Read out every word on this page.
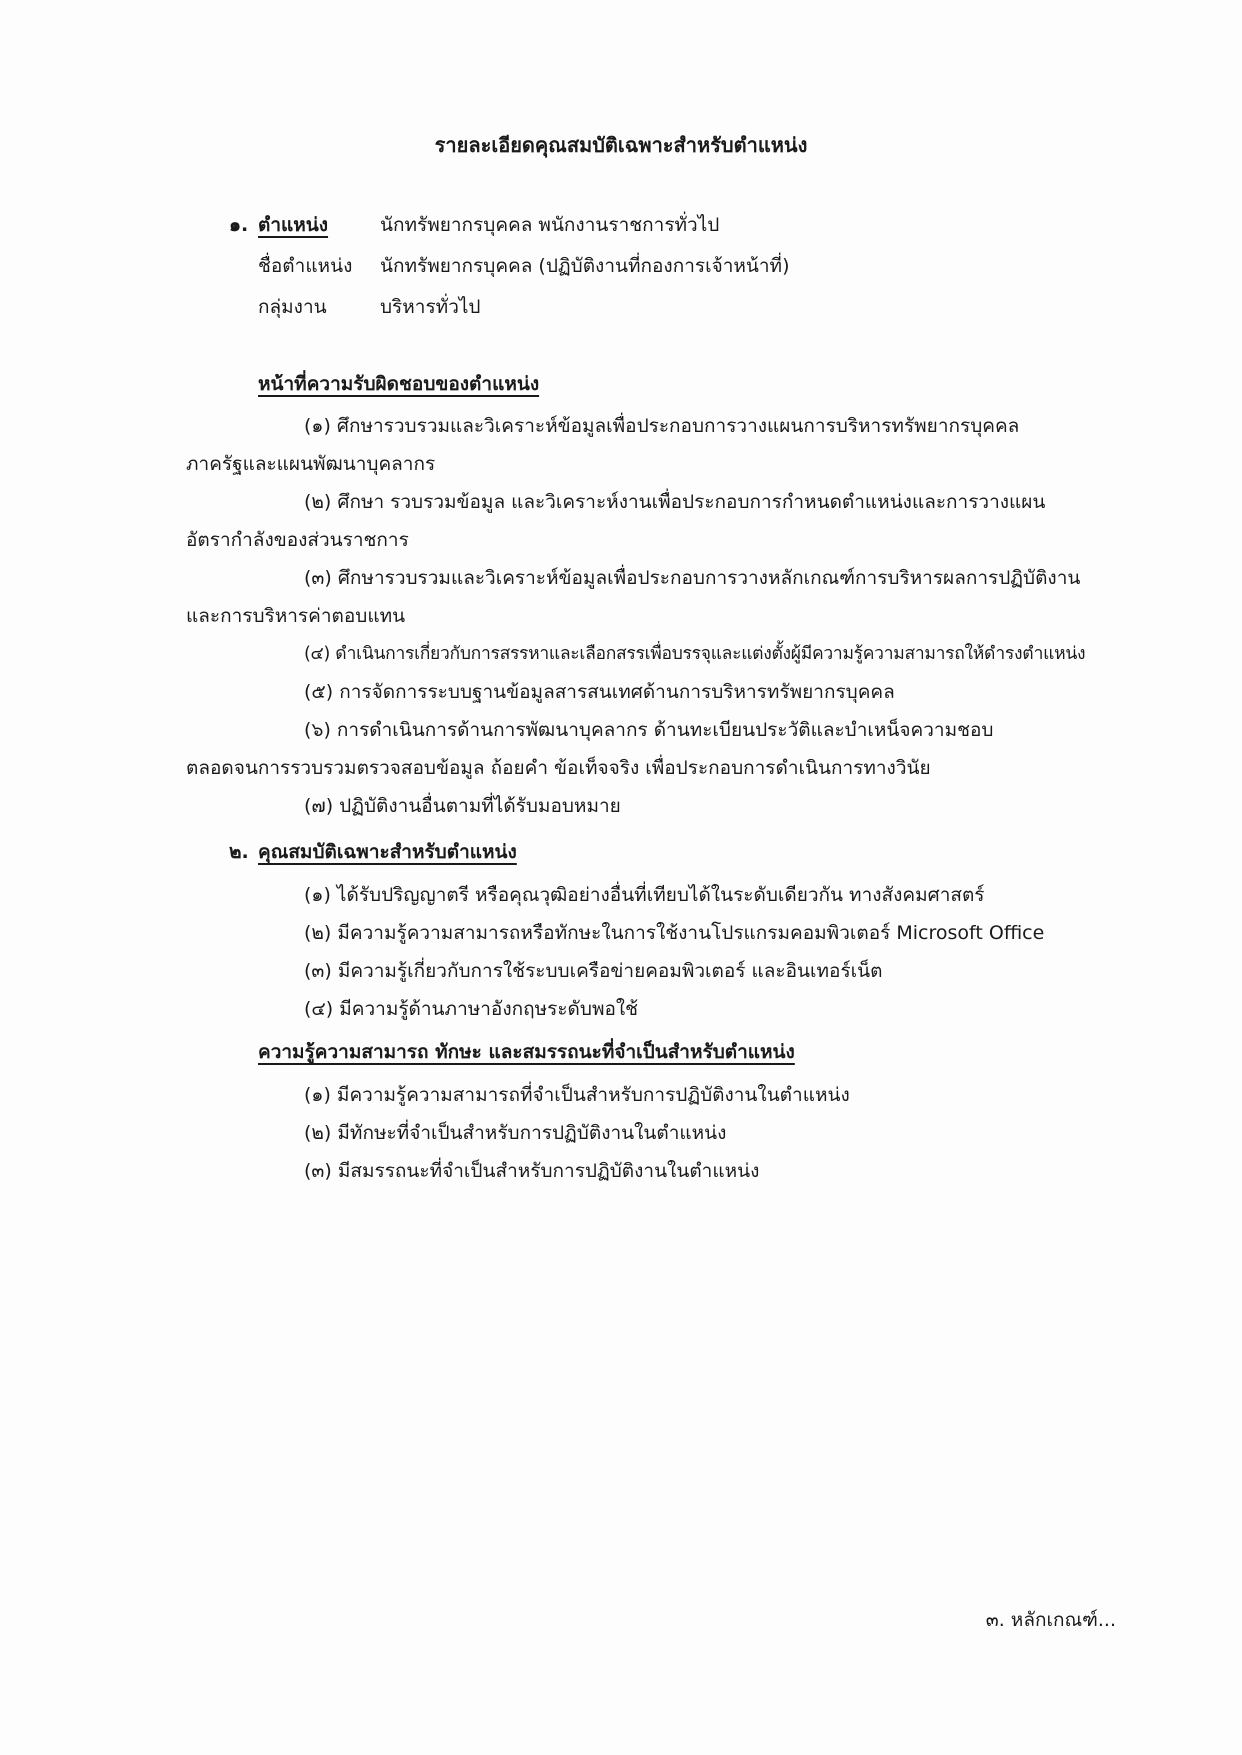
รายละเอียดคุณสมบัติเฉพาะสำหรับตำแหน่ง
๑. ตำแหน่ง	นักทรัพยากรบุคคล พนักงานราชการทั่วไป
ชื่อตำแหน่ง นักทรัพยากรบุคคล (ปฏิบัติงานที่กองการเจ้าหน้าที่)
กลุ่มงาน	บริหารทั่วไป
หน้าที่ความรับผิดชอบของตำแหน่ง
(๑) ศึกษารวบรวมและวิเคราะห์ข้อมูลเพื่อประกอบการวางแผนการบริหารทรัพยากรบุคคล
ภาครัฐและแผนพัฒนาบุคลากร
(๒) ศึกษา รวบรวมข้อมูล และวิเคราะห์งานเพื่อประกอบการกำหนดตำแหน่งและการวางแผน
อัตรากำลังของส่วนราชการ
(๓) ศึกษารวบรวมและวิเคราะห์ข้อมูลเพื่อประกอบการวางหลักเกณฑ์การบริหารผลการปฏิบัติงาน
และการบริหารค่าตอบแทน
(๔) ดำเนินการเกี่ยวกับการสรรหาและเลือกสรรเพื่อบรรจุและแต่งตั้งผู้มีความรู้ความสามารถให้ดำรงตำแหน่ง
(๕) การจัดการระบบฐานข้อมูลสารสนเทศด้านการบริหารทรัพยากรบุคคล
(๖) การดำเนินการด้านการพัฒนาบุคลากร ด้านทะเบียนประวัติและบำเหน็จความชอบ
ตลอดจนการรวบรวมตรวจสอบข้อมูล ถ้อยคำ ข้อเท็จจริง เพื่อประกอบการดำเนินการทางวินัย
(๗) ปฏิบัติงานอื่นตามที่ได้รับมอบหมาย
๒. คุณสมบัติเฉพาะสำหรับตำแหน่ง
(๑) ได้รับปริญญาตรี หรือคุณวุฒิอย่างอื่นที่เทียบได้ในระดับเดียวกัน ทางสังคมศาสตร์
(๒) มีความรู้ความสามารถหรือทักษะในการใช้งานโปรแกรมคอมพิวเตอร์ Microsoft Office
(๓) มีความรู้เกี่ยวกับการใช้ระบบเครือข่ายคอมพิวเตอร์ และอินเทอร์เน็ต
(๔) มีความรู้ด้านภาษาอังกฤษระดับพอใช้
ความรู้ความสามารถ ทักษะ และสมรรถนะที่จำเป็นสำหรับตำแหน่ง
(๑) มีความรู้ความสามารถที่จำเป็นสำหรับการปฏิบัติงานในตำแหน่ง
(๒) มีทักษะที่จำเป็นสำหรับการปฏิบัติงานในตำแหน่ง
(๓) มีสมรรถนะที่จำเป็นสำหรับการปฏิบัติงานในตำแหน่ง
๓. หลักเกณฑ์...
